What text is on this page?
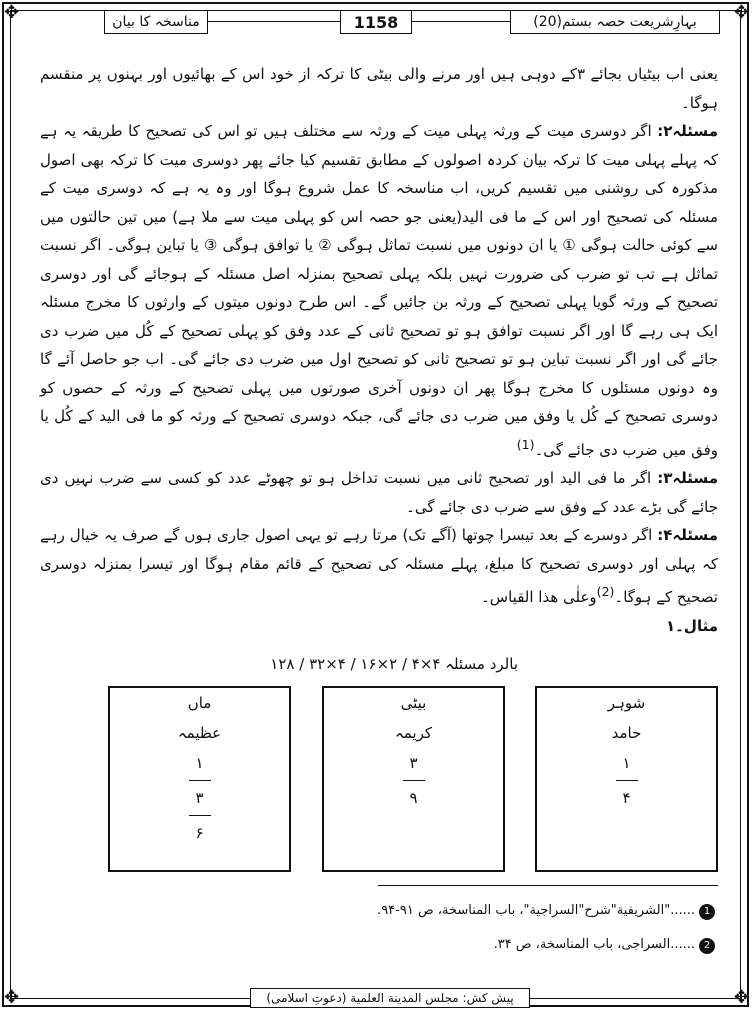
✥	✥
✥	✥
بہارِشریعت حصہ بستم(20)
1158
مناسخہ کا بیان

یعنی اب بیٹیاں بجائے ۳کے دوہی ہیں اور مرنے والی بیٹی کا ترکہ از خود اس کے بھائیوں اور بہنوں پر منقسم ہوگا۔

مسئلہ۲: اگر دوسری میت کے ورثہ پہلی میت کے ورثہ سے مختلف ہیں تو اس کی تصحیح کا طریقہ یہ ہے کہ پہلے پہلی میت کا ترکہ بیان کردہ اصولوں کے مطابق تقسیم کیا جائے پھر دوسری میت کا ترکہ بھی اصول مذکورہ کی روشنی میں تقسیم کریں، اب مناسخہ کا عمل شروع ہوگا اور وہ یہ ہے کہ دوسری میت کے مسئلہ کی تصحیح اور اس کے ما فی الید(یعنی جو حصہ اس کو پہلی میت سے ملا ہے) میں تین حالتوں میں سے کوئی حالت ہوگی ① یا ان دونوں میں نسبت تماثل ہوگی ② یا توافق ہوگی ③ یا تباین ہوگی۔ اگر نسبت تماثل ہے تب تو ضرب کی ضرورت نہیں بلکہ پہلی تصحیح بمنزلہ اصل مسئلہ کے ہوجائے گی اور دوسری تصحیح کے ورثہ گویا پہلی تصحیح کے ورثہ بن جائیں گے۔ اس طرح دونوں میتوں کے وارثوں کا مخرج مسئلہ ایک ہی رہے گا اور اگر نسبت توافق ہو تو تصحیح ثانی کے عدد وفق کو پہلی تصحیح کے کُل میں ضرب دی جائے گی اور اگر نسبت تباین ہو تو تصحیح ثانی کو تصحیح اول میں ضرب دی جائے گی۔ اب جو حاصل آئے گا وہ دونوں مسئلوں کا مخرج ہوگا پھر ان دونوں آخری صورتوں میں پہلی تصحیح کے ورثہ کے حصوں کو دوسری تصحیح کے کُل یا وفق میں ضرب دی جائے گی، جبکہ دوسری تصحیح کے ورثہ کو ما فی الید کے کُل یا وفق میں ضرب دی جائے گی۔$^{(1)}$

مسئلہ۳: اگر ما فی الید اور تصحیح ثانی میں نسبت تداخل ہو تو چھوٹے عدد کو کسی سے ضرب نہیں دی جائے گی بڑے عدد کے وفق سے ضرب دی جائے گی۔

مسئلہ۴: اگر دوسرے کے بعد تیسرا چوتھا (آگے تک) مرتا رہے تو یہی اصول جاری ہوں گے صرف یہ خیال رہے کہ پہلی اور دوسری تصحیح کا مبلغ، پہلے مسئلہ کی تصحیح کے قائم مقام ہوگا اور تیسرا بمنزلہ دوسری تصحیح کے ہوگا۔$^{(2)}$وعلٰی ھذا القیاس۔

مثال۔۱

بالرد مسئلہ ۴×۴ / ۲×۱۶ / ۴×۳۲ / ۱۲۸
شوہر
حامد
$\frac{۱}{۴}$
بیٹی
کریمہ
$\frac{۳}{۹}$
ماں
عظیمہ
۱
۳
۶
1......"الشریفیة"شرح"السراجیة"، باب المناسخة، ص ۹۱-۹۴.
2......السراجی، باب المناسخة، ص ۳۴.
پیش کش: مجلس المدینة العلمیة (دعوتِ اسلامی)
